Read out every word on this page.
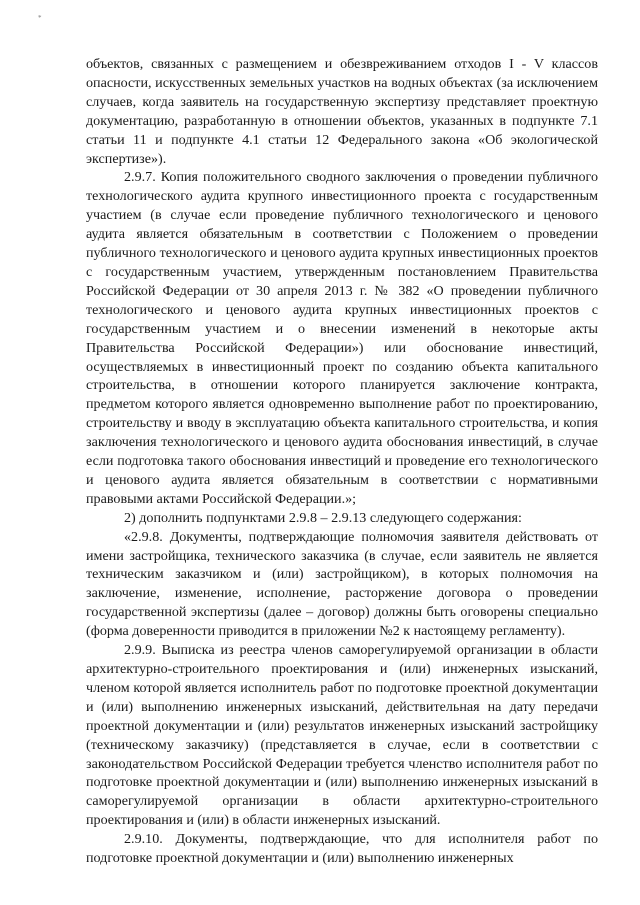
*

объектов, связанных с размещением и обезвреживанием отходов I - V классов опасности, искусственных земельных участков на водных объектах (за исключением случаев, когда заявитель на государственную экспертизу представляет проектную документацию, разработанную в отношении объектов, указанных в подпункте 7.1 статьи 11 и подпункте 4.1 статьи 12 Федерального закона «Об экологической экспертизе»).

2.9.7. Копия положительного сводного заключения о проведении публичного технологического аудита крупного инвестиционного проекта с государственным участием (в случае если проведение публичного технологического и ценового аудита является обязательным в соответствии с Положением о проведении публичного технологического и ценового аудита крупных инвестиционных проектов с государственным участием, утвержденным постановлением Правительства Российской Федерации от 30 апреля 2013 г. № 382 «О проведении публичного технологического и ценового аудита крупных инвестиционных проектов с государственным участием и о внесении изменений в некоторые акты Правительства Российской Федерации») или обоснование инвестиций, осуществляемых в инвестиционный проект по созданию объекта капитального строительства, в отношении которого планируется заключение контракта, предметом которого является одновременно выполнение работ по проектированию, строительству и вводу в эксплуатацию объекта капитального строительства, и копия заключения технологического и ценового аудита обоснования инвестиций, в случае если подготовка такого обоснования инвестиций и проведение его технологического и ценового аудита является обязательным в соответствии с нормативными правовыми актами Российской Федерации.»;

2) дополнить подпунктами 2.9.8 – 2.9.13 следующего содержания:

«2.9.8. Документы, подтверждающие полномочия заявителя действовать от имени застройщика, технического заказчика (в случае, если заявитель не является техническим заказчиком и (или) застройщиком), в которых полномочия на заключение, изменение, исполнение, расторжение договора о проведении государственной экспертизы (далее – договор) должны быть оговорены специально (форма доверенности приводится в приложении №2 к настоящему регламенту).

2.9.9. Выписка из реестра членов саморегулируемой организации в области архитектурно-строительного проектирования и (или) инженерных изысканий, членом которой является исполнитель работ по подготовке проектной документации и (или) выполнению инженерных изысканий, действительная на дату передачи проектной документации и (или) результатов инженерных изысканий застройщику (техническому заказчику) (представляется в случае, если в соответствии с законодательством Российской Федерации требуется членство исполнителя работ по подготовке проектной документации и (или) выполнению инженерных изысканий в саморегулируемой организации в области архитектурно-строительного проектирования и (или) в области инженерных изысканий.

2.9.10. Документы, подтверждающие, что для исполнителя работ по подготовке проектной документации и (или) выполнению инженерных
